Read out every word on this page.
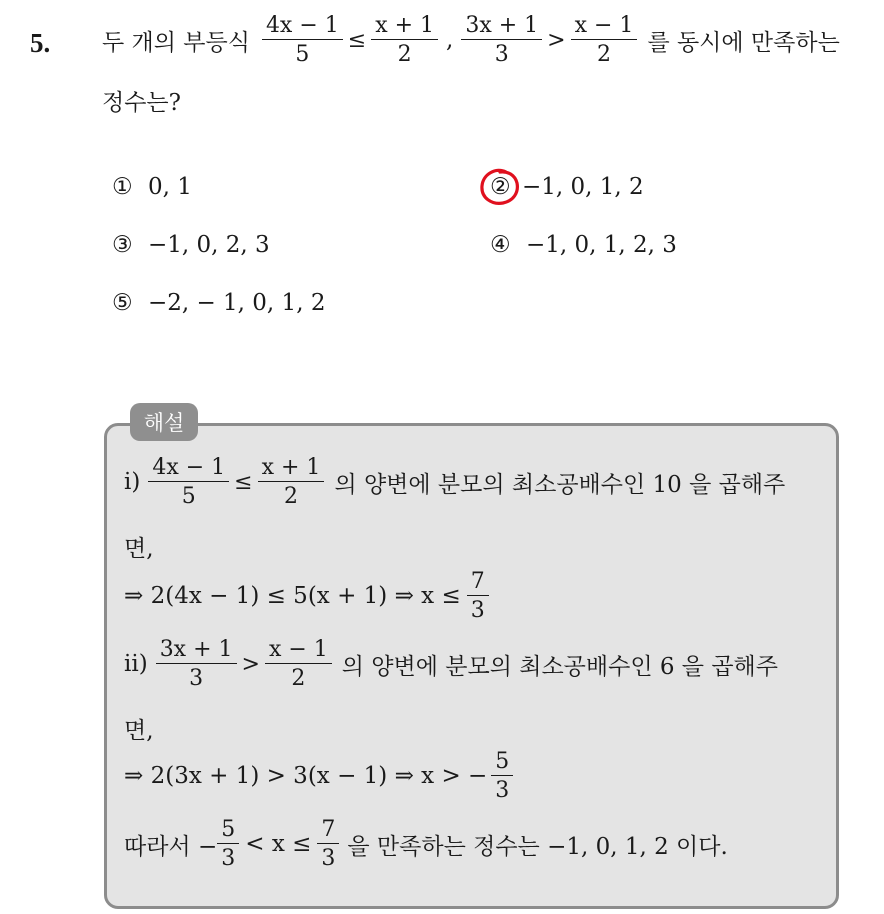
5. 두 개의 부등식 $\frac{4x - 1}{5} \le \frac{x + 1}{2}$ , $\frac{3x + 1}{3} > \frac{x - 1}{2}$ 를 동시에 만족하는
정수는?
① 0, 1	② −1, 0, 1, 2
③ −1, 0, 2, 3	④ −1, 0, 1, 2, 3
⑤ −2, − 1, 0, 1, 2
해설
$i) \frac{4x - 1}{5} \le \frac{x + 1}{2}$ 의 양변에 분모의 최소공배수인 10 을 곱해주
면,
⇒ 2(4x − 1) ≤ 5(x + 1) ⇒ $x \le \frac{7}{3}$
$ii) \frac{3x + 1}{3} > \frac{x - 1}{2}$ 의 양변에 분모의 최소공배수인 6 을 곱해주
면,
⇒ 2(3x + 1) > 3(x − 1) ⇒ x > − $\frac{5}{3}$
따라서 − $\frac{5}{3} < x \le \frac{7}{3}$ 을 만족하는 정수는 −1, 0, 1, 2 이다.
